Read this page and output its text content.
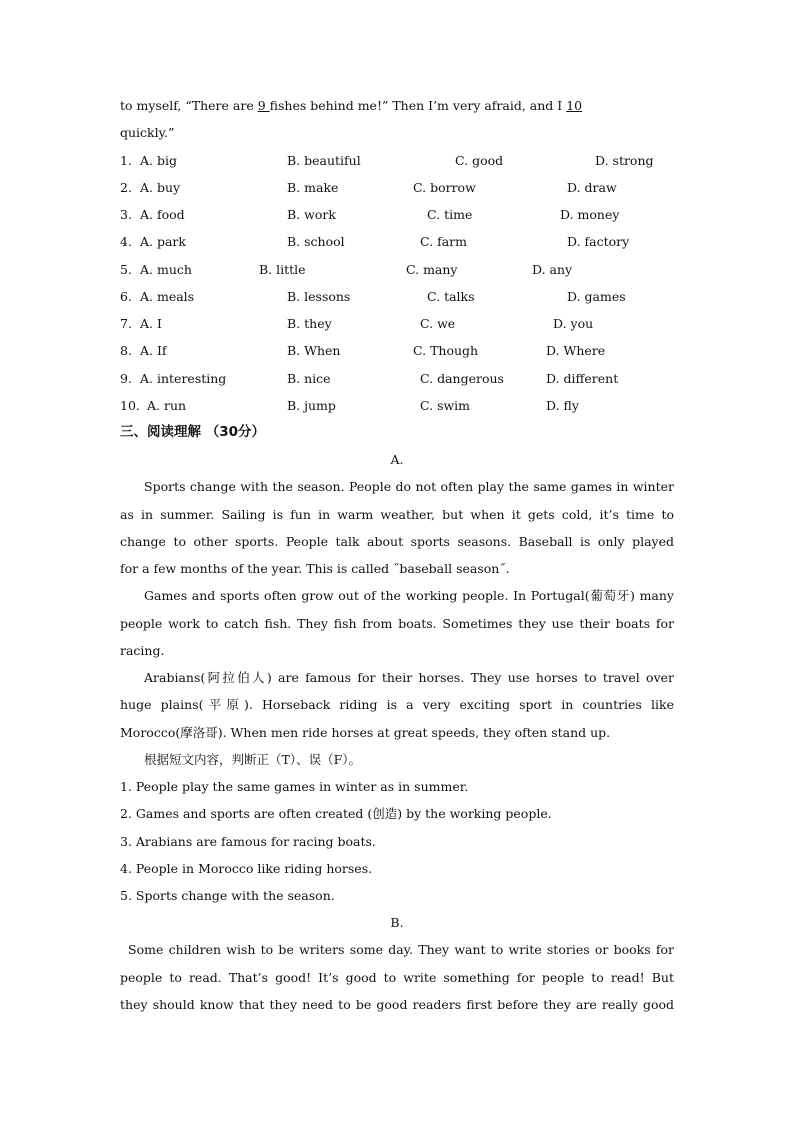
to myself, “There are 9 fishes behind me!” Then I’m very afraid, and I 10
quickly.”
1. A. big	B. beautiful	C. good	D. strong
2. A. buy	B. make	C. borrow	D. draw
3. A. food	B. work	C. time	D. money
4. A. park	B. school	C. farm	D. factory
5. A. much	B. little	C. many	D. any
6. A. meals	B. lessons	C. talks	D. games
7. A. I	B. they	C. we	D. you
8. A. If	B. When	C. Though	D. Where
9. A. interesting	B. nice	C. dangerous	D. different
10. A. run	B. jump	C. swim	D. fly
三、阅读理解 （30分）
A.
Sports change with the season. People do not often play the same games in winter
as in summer. Sailing is fun in warm weather, but when it gets cold, it’s time to
change to other sports. People talk about sports seasons. Baseball is only played
for a few months of the year. This is called ˝baseball season˝.
Games and sports often grow out of the working people. In Portugal(葡萄牙) many
people work to catch fish. They fish from boats. Sometimes they use their boats for
racing.
Arabians(阿拉伯人) are famous for their horses. They use horses to travel over
huge plains(平原). Horseback riding is a very exciting sport in countries like
Morocco(摩洛哥). When men ride horses at great speeds, they often stand up.
根据短文内容，判断正（T）、误（F）。
1. People play the same games in winter as in summer.
2. Games and sports are often created (创造) by the working people.
3. Arabians are famous for racing boats.
4. People in Morocco like riding horses.
5. Sports change with the season.
B.
Some children wish to be writers some day. They want to write stories or books for
people to read. That’s good! It’s good to write something for people to read! But
they should know that they need to be good readers first before they are really good
